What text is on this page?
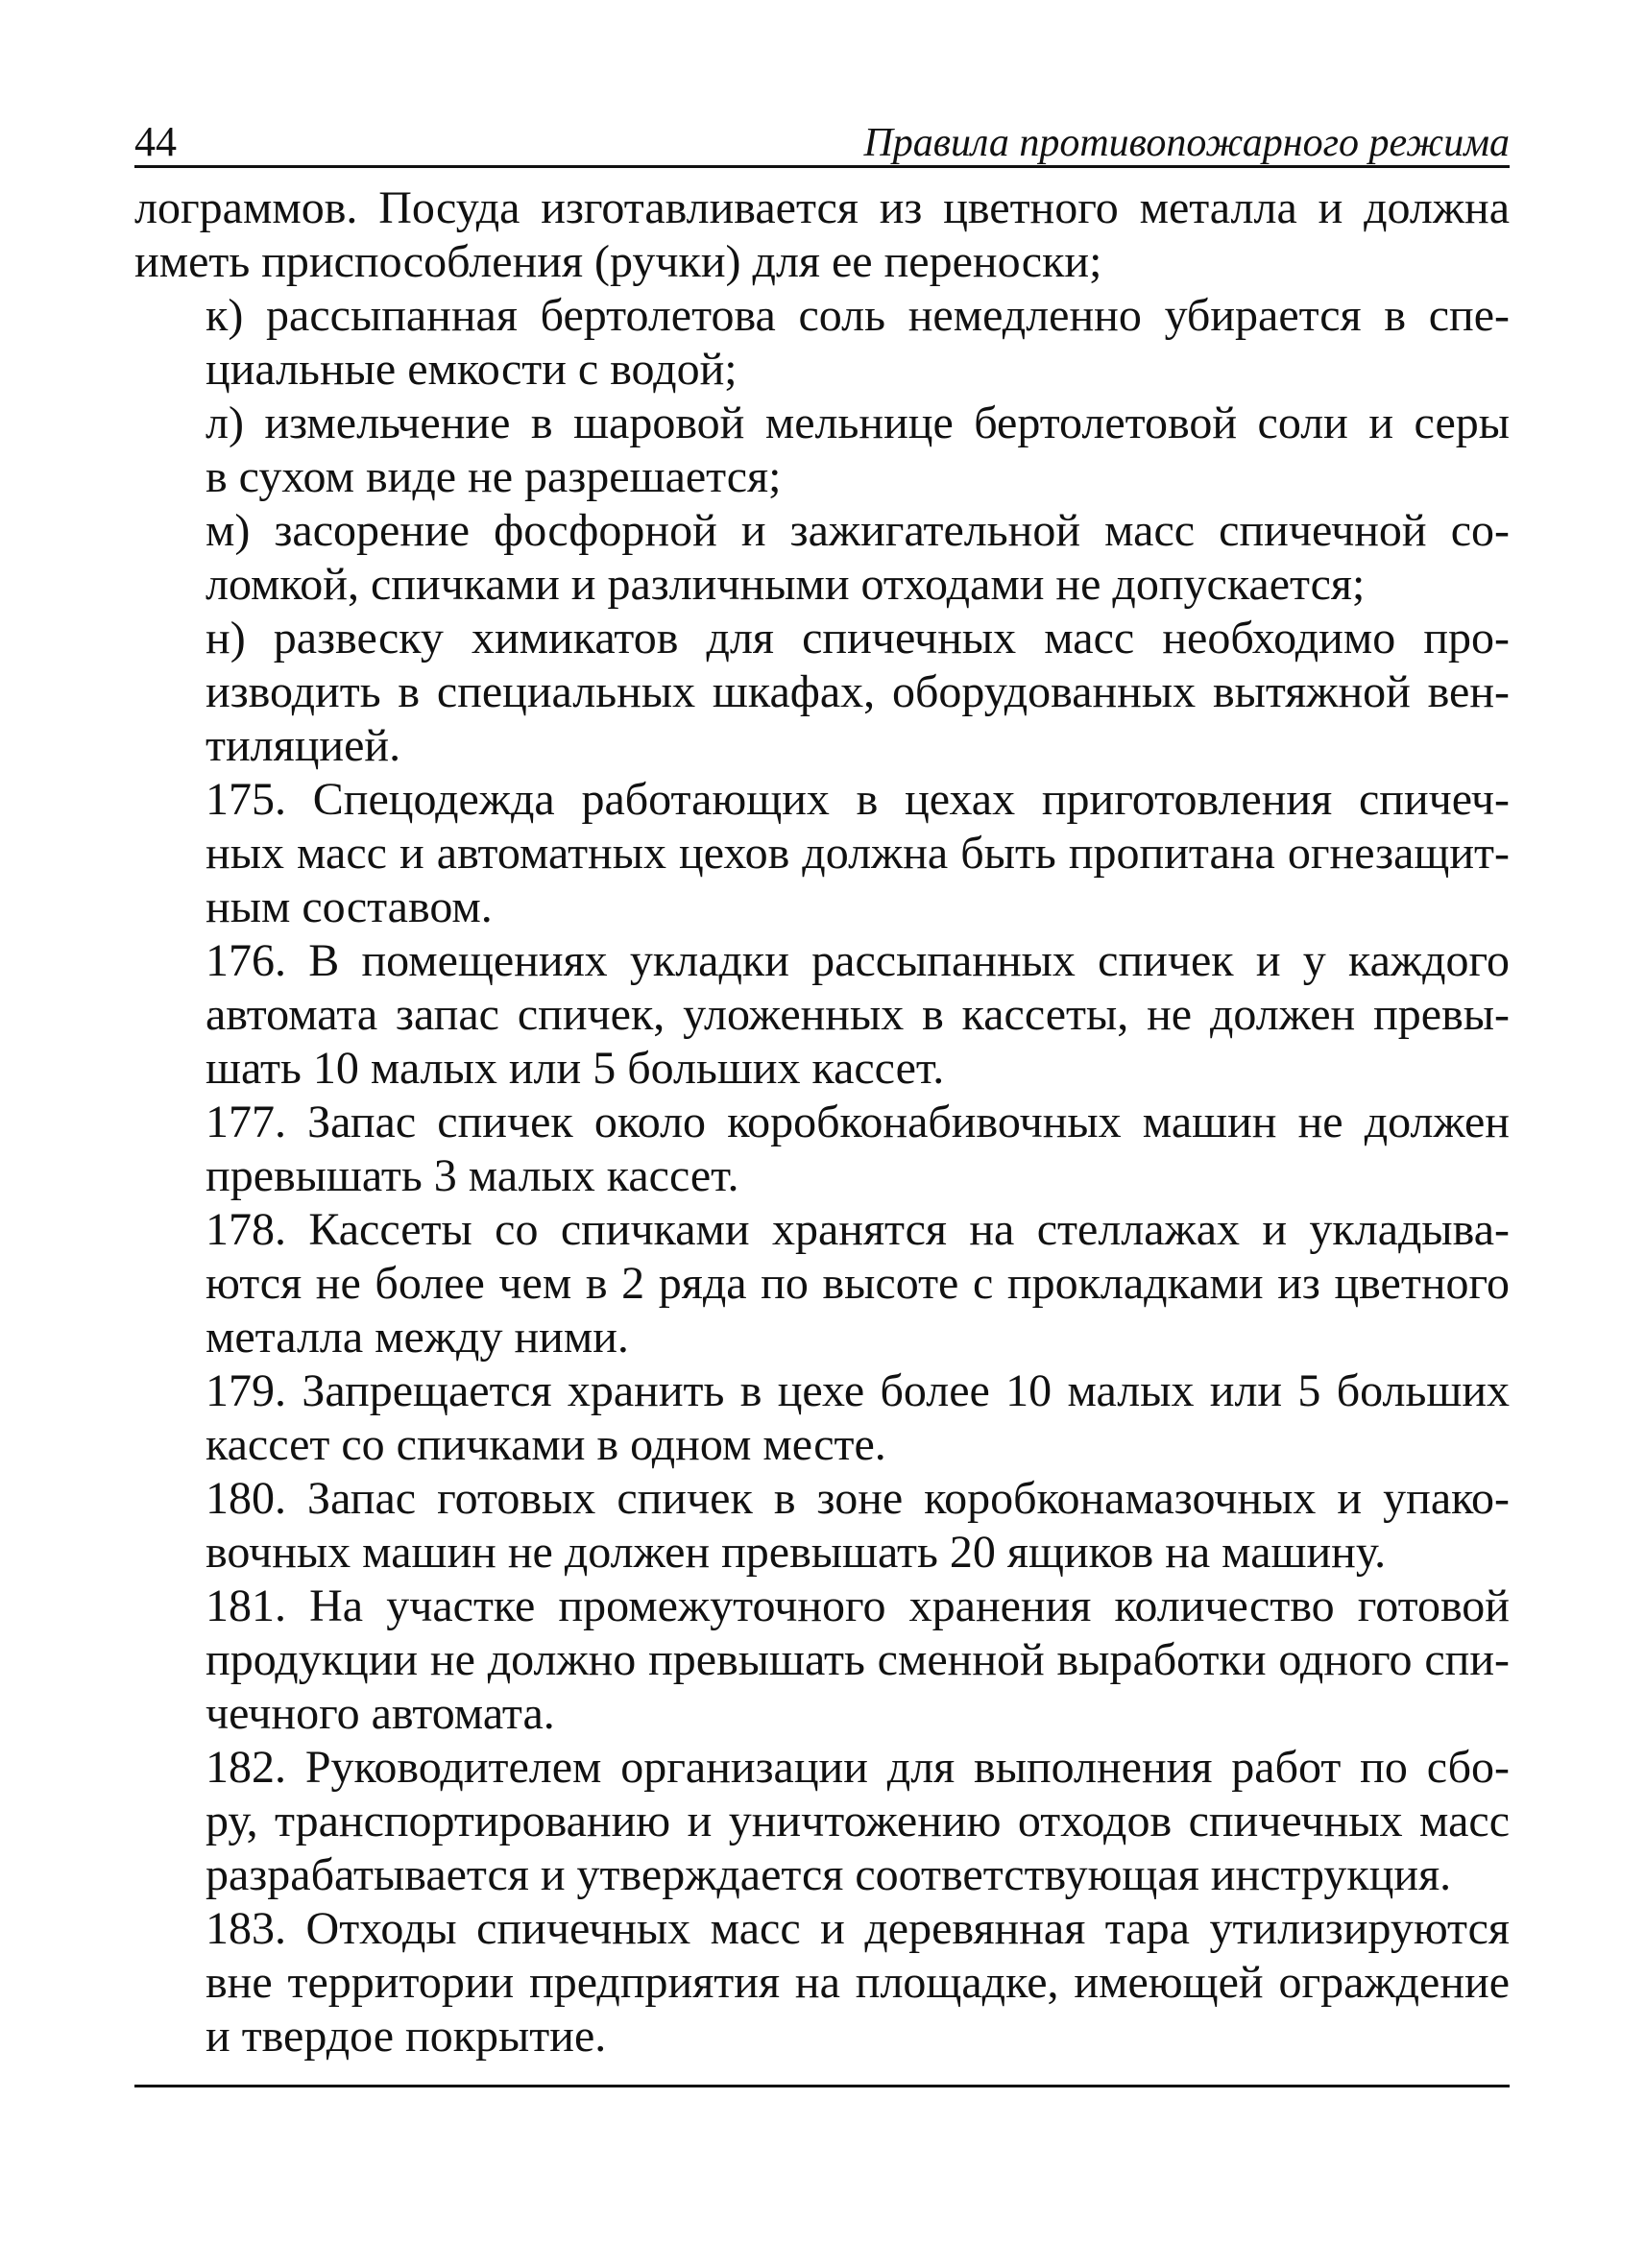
44	Правила противопожарного режима

лограммов. Посуда изготавливается из цветного металла и должна
иметь приспособления (ручки) для ее переноски;

к) рассыпанная бертолетова соль немедленно убирается в спе-
циальные емкости с водой;

л) измельчение в шаровой мельнице бертолетовой соли и серы
в сухом виде не разрешается;

м) засорение фосфорной и зажигательной масс спичечной со-
ломкой, спичками и различными отходами не допускается;

н) развеску химикатов для спичечных масс необходимо про-
изводить в специальных шкафах, оборудованных вытяжной вен-
тиляцией.

175. Спецодежда работающих в цехах приготовления спичеч-
ных масс и автоматных цехов должна быть пропитана огнезащит-
ным составом.

176. В помещениях укладки рассыпанных спичек и у каждого
автомата запас спичек, уложенных в кассеты, не должен превы-
шать 10 малых или 5 больших кассет.

177. Запас спичек около коробконабивочных машин не должен
превышать 3 малых кассет.

178. Кассеты со спичками хранятся на стеллажах и укладыва-
ются не более чем в 2 ряда по высоте с прокладками из цветного
металла между ними.

179. Запрещается хранить в цехе более 10 малых или 5 больших
кассет со спичками в одном месте.

180. Запас готовых спичек в зоне коробконамазочных и упако-
вочных машин не должен превышать 20 ящиков на машину.

181. На участке промежуточного хранения количество готовой
продукции не должно превышать сменной выработки одного спи-
чечного автомата.

182. Руководителем организации для выполнения работ по сбо-
ру, транспортированию и уничтожению отходов спичечных масс
разрабатывается и утверждается соответствующая инструкция.

183. Отходы спичечных масс и деревянная тара утилизируются
вне территории предприятия на площадке, имеющей ограждение
и твердое покрытие.
